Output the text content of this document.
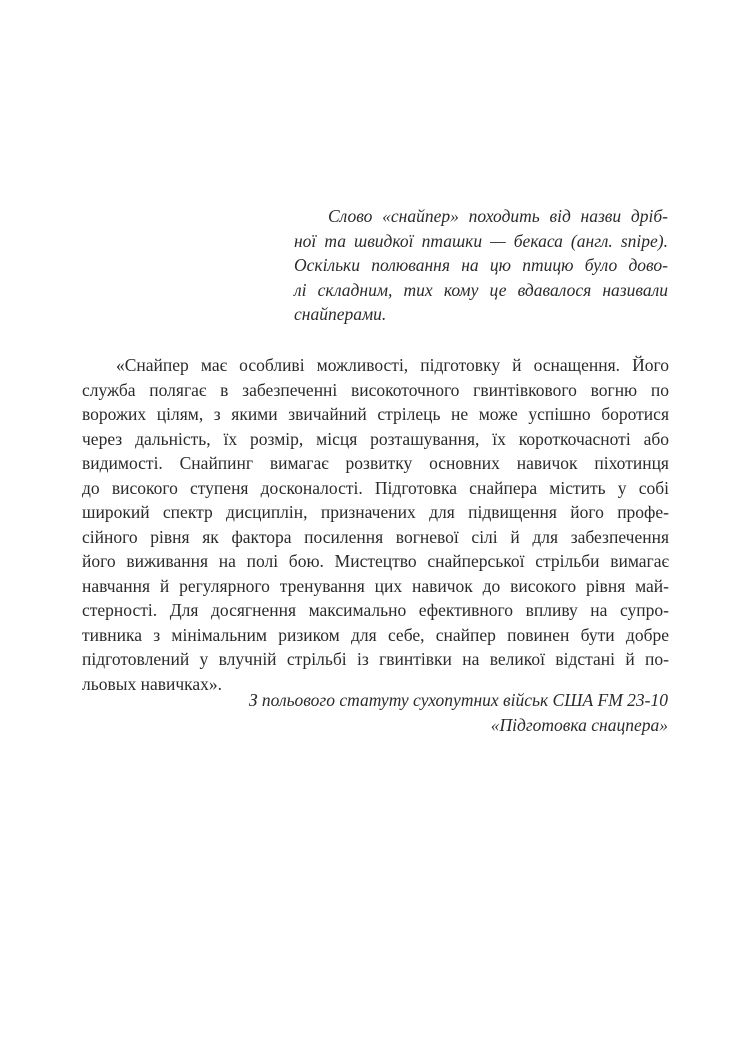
Слово «снайпер» походить від назви дріб-
ної та швидкої пташки — бекаса (англ. snipe).
Оскільки полювання на цю птицю було дово-
лі складним, тих кому це вдавалося називали
снайперами.
«Снайпер має особливі можливості, підготовку й оснащення. Його
служба полягає в забезпеченні високоточного гвинтівкового вогню по
ворожих цілям, з якими звичайний стрілець не може успішно боротися
через дальність, їх розмір, місця розташування, їх короткочасноті або
видимості. Снайпинг вимагає розвитку основних навичок піхотинця
до високого ступеня досконалості. Підготовка снайпера містить у собі
широкий спектр дисциплін, призначених для підвищення його профе-
сійного рівня як фактора посилення вогневої сілі й для забезпечення
його виживання на полі бою. Мистецтво снайперської стрільби вимагає
навчання й регулярного тренування цих навичок до високого рівня май-
стерності. Для досягнення максимально ефективного впливу на супро-
тивника з мінімальним ризиком для себе, снайпер повинен бути добре
підготовлений у влучній стрільбі із гвинтівки на великої відстані й по-
льовых навичках».
З польового статуту сухопутних військ США FM 23-10
«Підготовка снацпера»
